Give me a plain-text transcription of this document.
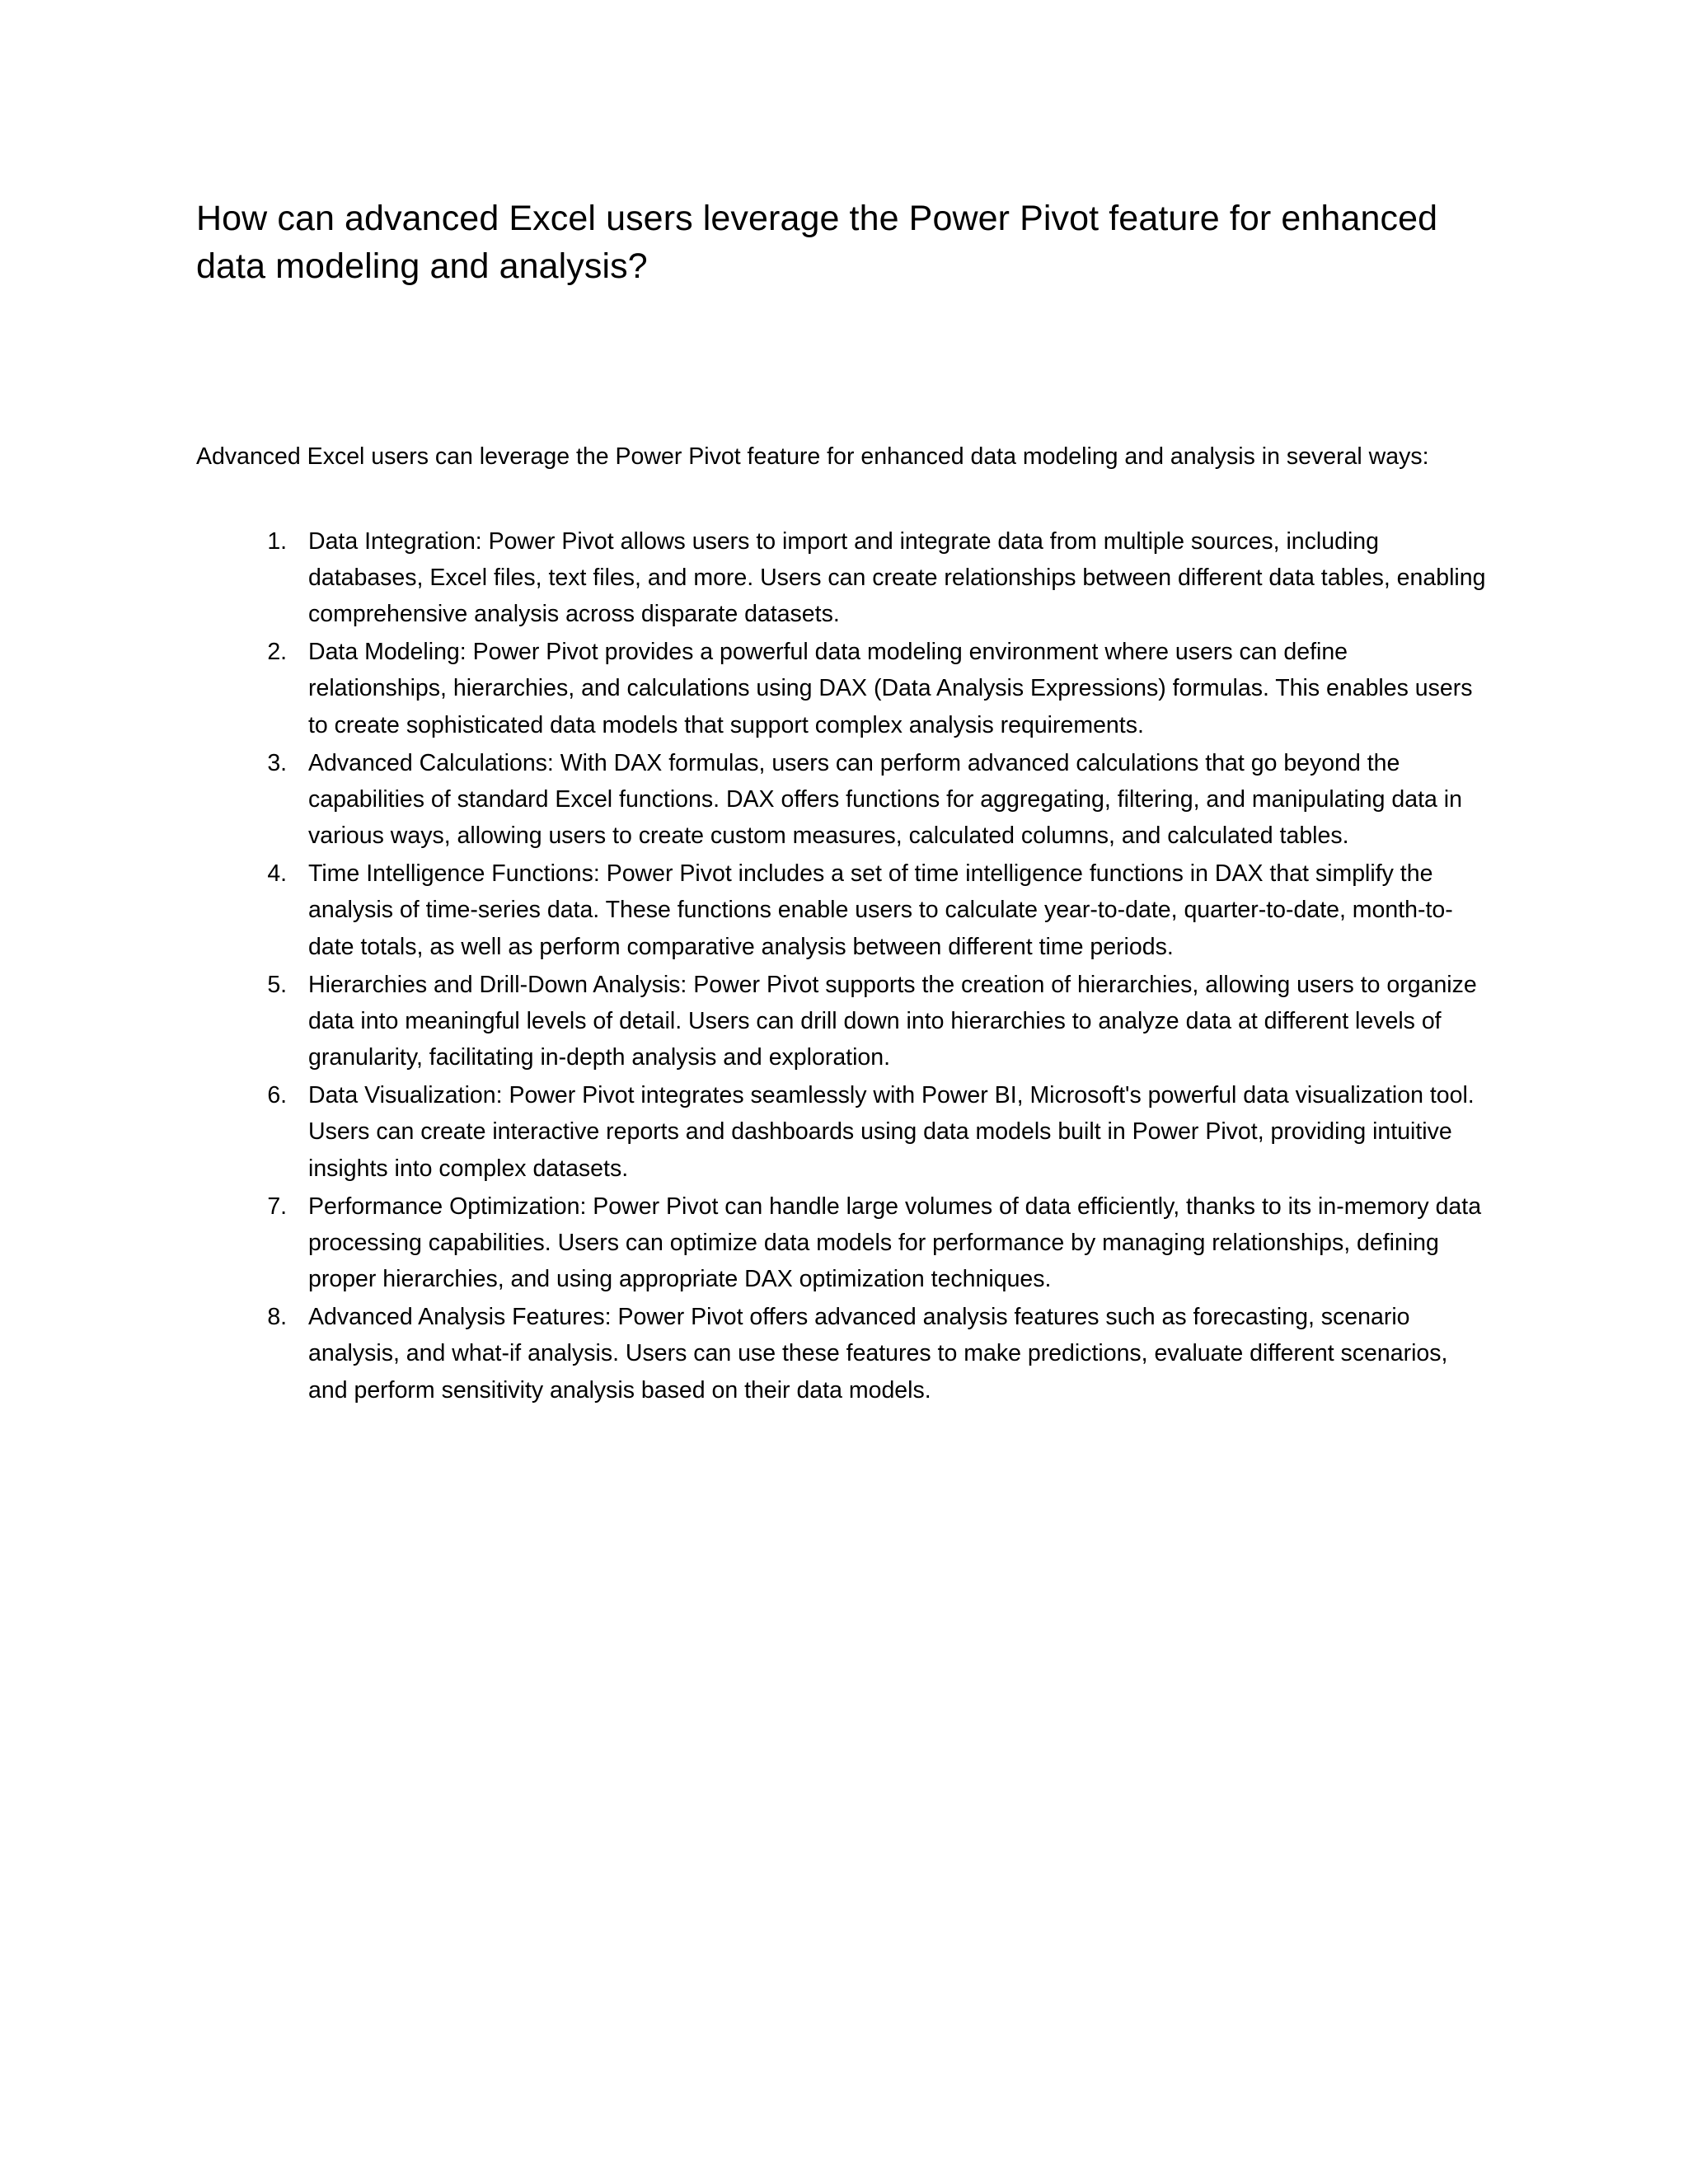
How can advanced Excel users leverage the Power Pivot feature for enhanced data modeling and analysis?

Advanced Excel users can leverage the Power Pivot feature for enhanced data modeling and analysis in several ways:

1. Data Integration: Power Pivot allows users to import and integrate data from multiple sources, including databases, Excel files, text files, and more. Users can create relationships between different data tables, enabling comprehensive analysis across disparate datasets.
2. Data Modeling: Power Pivot provides a powerful data modeling environment where users can define relationships, hierarchies, and calculations using DAX (Data Analysis Expressions) formulas. This enables users to create sophisticated data models that support complex analysis requirements.
3. Advanced Calculations: With DAX formulas, users can perform advanced calculations that go beyond the capabilities of standard Excel functions. DAX offers functions for aggregating, filtering, and manipulating data in various ways, allowing users to create custom measures, calculated columns, and calculated tables.
4. Time Intelligence Functions: Power Pivot includes a set of time intelligence functions in DAX that simplify the analysis of time-series data. These functions enable users to calculate year-to-date, quarter-to-date, month-to-date totals, as well as perform comparative analysis between different time periods.
5. Hierarchies and Drill-Down Analysis: Power Pivot supports the creation of hierarchies, allowing users to organize data into meaningful levels of detail. Users can drill down into hierarchies to analyze data at different levels of granularity, facilitating in-depth analysis and exploration.
6. Data Visualization: Power Pivot integrates seamlessly with Power BI, Microsoft's powerful data visualization tool. Users can create interactive reports and dashboards using data models built in Power Pivot, providing intuitive insights into complex datasets.
7. Performance Optimization: Power Pivot can handle large volumes of data efficiently, thanks to its in-memory data processing capabilities. Users can optimize data models for performance by managing relationships, defining proper hierarchies, and using appropriate DAX optimization techniques.
8. Advanced Analysis Features: Power Pivot offers advanced analysis features such as forecasting, scenario analysis, and what-if analysis. Users can use these features to make predictions, evaluate different scenarios, and perform sensitivity analysis based on their data models.
